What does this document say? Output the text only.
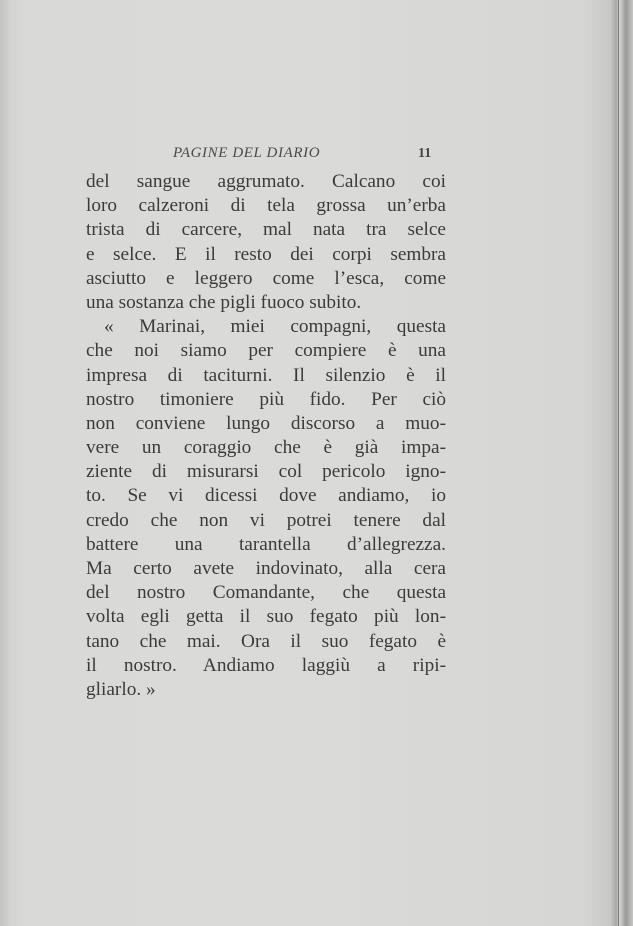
PAGINE DEL DIARIO	11
del sangue aggrumato. Calcano coi
loro calzeroni di tela grossa un’erba
trista di carcere, mal nata tra selce
e selce. E il resto dei corpi sembra
asciutto e leggero come l’esca, come
una sostanza che pigli fuoco subito.
« Marinai, miei compagni, questa
che noi siamo per compiere è una
impresa di taciturni. Il silenzio è il
nostro timoniere più fido. Per ciò
non conviene lungo discorso a muo-
vere un coraggio che è già impa-
ziente di misurarsi col pericolo igno-
to. Se vi dicessi dove andiamo, io
credo che non vi potrei tenere dal
battere una tarantella d’allegrezza.
Ma certo avete indovinato, alla cera
del nostro Comandante, che questa
volta egli getta il suo fegato più lon-
tano che mai. Ora il suo fegato è
il nostro. Andiamo laggiù a ripi-
gliarlo. »
